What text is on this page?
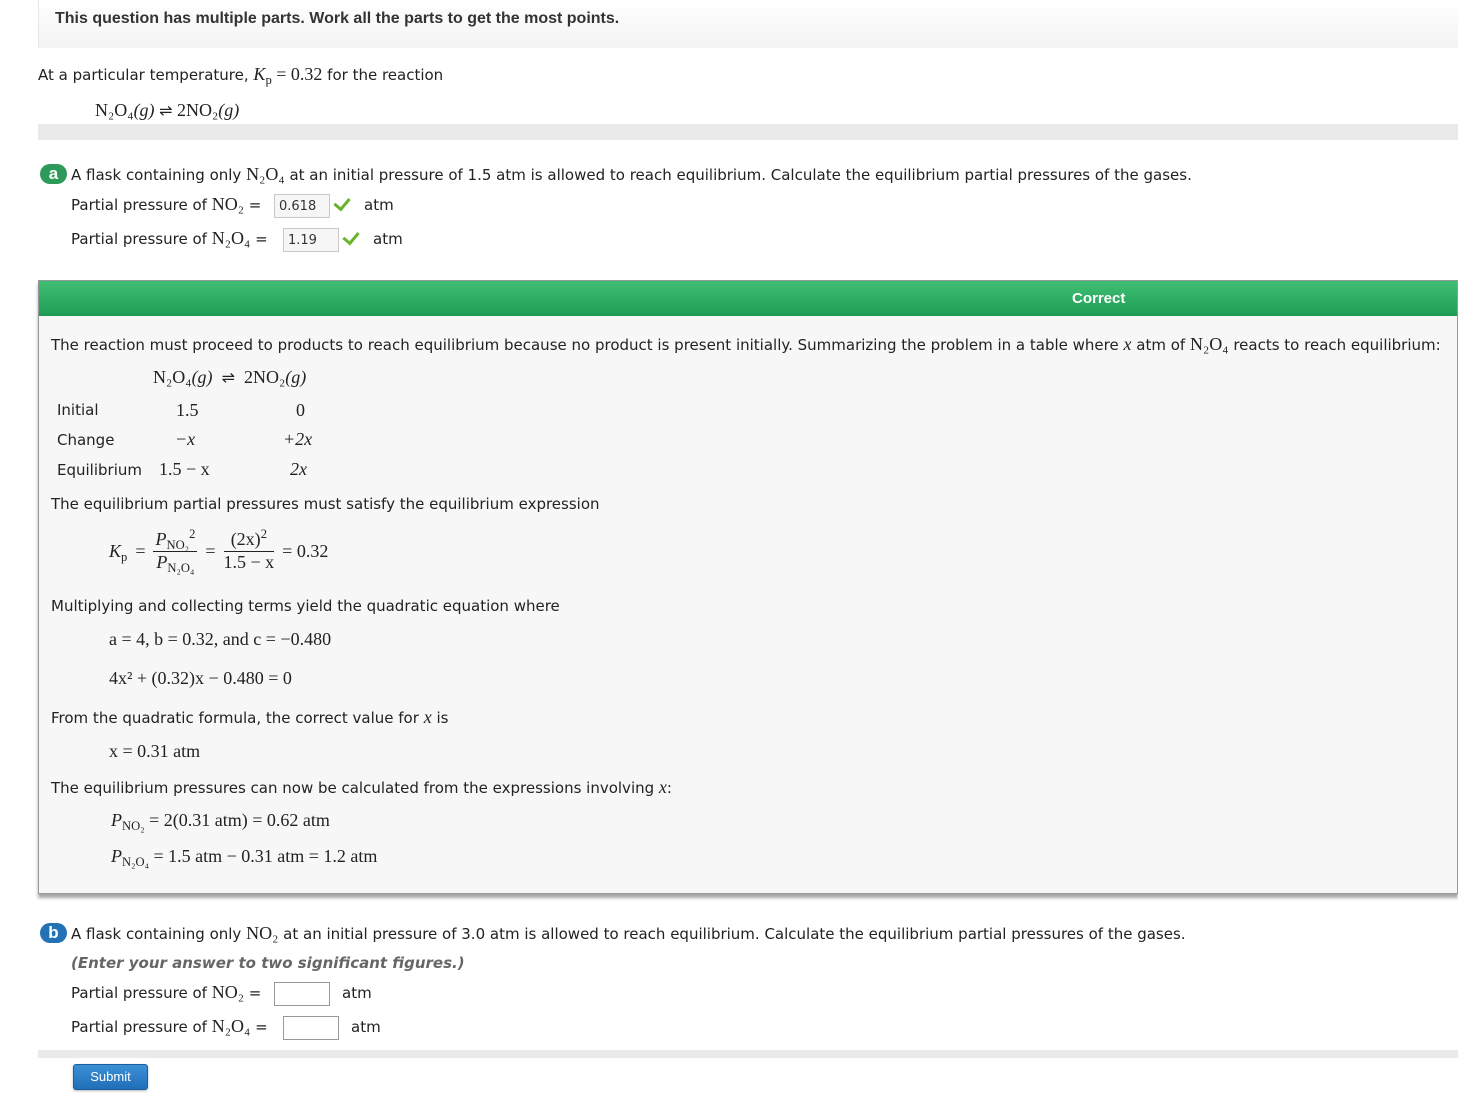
This question has multiple parts. Work all the parts to get the most points.
At a particular temperature, $K_p = 0.32$ for the reaction
N₂O₄(g) ⇌ 2NO₂(g)
a A flask containing only N₂O₄ at an initial pressure of 1.5 atm is allowed to reach equilibrium. Calculate the equilibrium partial pressures of the gases.
Partial pressure of NO₂ =	0.618	atm
Partial pressure of N₂O₄ =	1.19	atm
Correct
The reaction must proceed to products to reach equilibrium because no product is present initially. Summarizing the problem in a table where x atm of N₂O₄ reacts to reach equilibrium:
N₂O₄(g) ⇌ 2NO₂(g)
Initial	1.5	0
Change	−x	+2x
Equilibrium 1.5 − x	2x
The equilibrium partial pressures must satisfy the equilibrium expression
$K_p = \frac{P_{NO_2}^2}{P_{N_2O_4}} = \frac{(2x)^2}{1.5 - x} = 0.32$
Multiplying and collecting terms yield the quadratic equation where
a = 4, b = 0.32, and c = −0.480
4x² + (0.32)x − 0.480 = 0
From the quadratic formula, the correct value for x is
x = 0.31 atm
The equilibrium pressures can now be calculated from the expressions involving x:
$P_{NO_2} = 2(0.31$ atm) = 0.62 atm
$P_{N_2O_4} = 1.5$ atm − 0.31 atm = 1.2 atm
b A flask containing only NO₂ at an initial pressure of 3.0 atm is allowed to reach equilibrium. Calculate the equilibrium partial pressures of the gases.
(Enter your answer to two significant figures.)
Partial pressure of NO₂ =	atm
Partial pressure of N₂O₄ =	atm
Submit
